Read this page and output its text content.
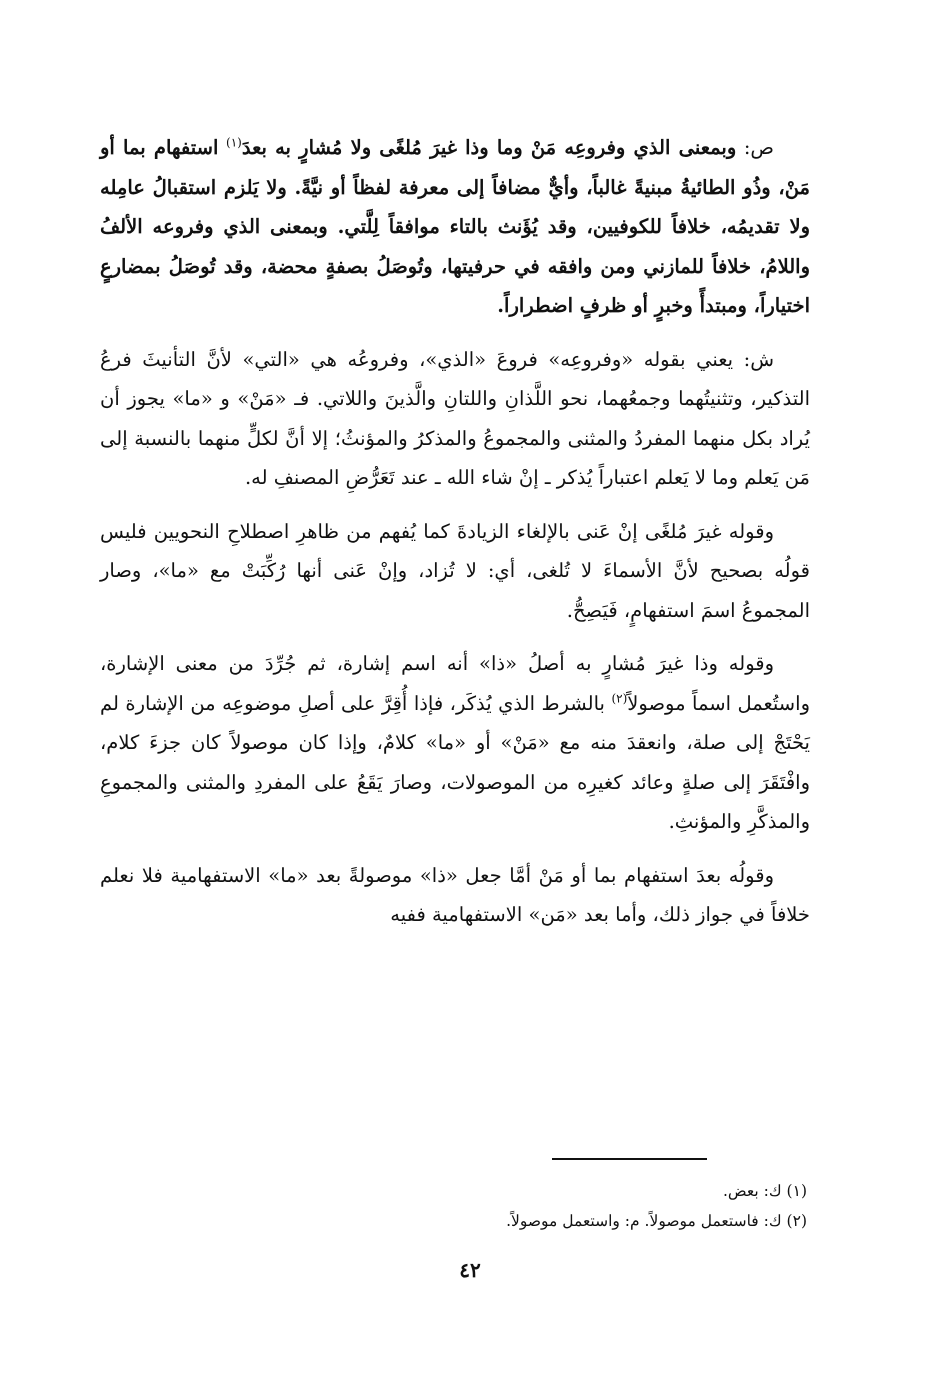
ص: وبمعنى الذي وفروعِه مَنْ وما وذا غيرَ مُلغًى ولا مُشارٍ به بعدَ$^{(١)}$ استفهام بما أو مَنْ، وذُو الطائيةُ مبنيةً غالباً، وأيٌّ مضافاً إلى معرفة لفظاً أو نيَّةً. ولا يَلزم استقبالُ عامِله ولا تقديمُه، خلافاً للكوفيين، وقد يُؤَنث بالتاء موافقاً لِلَّتي. وبمعنى الذي وفروعه الألفُ واللامُ، خلافاً للمازني ومن وافقه في حرفيتها، وتُوصَلُ بصفةٍ محضة، وقد تُوصَلُ بمضارعٍ اختياراً، ومبتدأً وخبرٍ أو ظرفٍ اضطراراً.

ش: يعني بقوله «وفروعِه» فروعَ «الذي»، وفروعُه هي «التي» لأنَّ التأنيثَ فرعُ التذكير، وتثنيتُهما وجمعُهما، نحو اللَّذانِ واللتانِ والَّذينَ واللاتي. فـ «مَنْ» و «ما» يجوز أن يُراد بكل منهما المفردُ والمثنى والمجموعُ والمذكرُ والمؤنثُ؛ إلا أنَّ لكلٍّ منهما بالنسبة إلى مَن يَعلم وما لا يَعلم اعتباراً يُذكر ـ إنْ شاء الله ـ عند تَعَرُّضِ المصنفِ له.

وقوله غيرَ مُلغًى إنْ عَنى بالإلغاء الزيادةَ كما يُفهم من ظاهرِ اصطلاحِ النحويين فليس قولُه بصحيح لأنَّ الأسماءَ لا تُلغى، أي: لا تُزاد، وإنْ عَنى أنها رُكِّبَتْ مع «ما»، وصار المجموعُ اسمَ استفهامٍ، فَيَصِحُّ.

وقوله وذا غيرَ مُشارٍ به أصلُ «ذا» أنه اسم إشارة، ثم جُرِّدَ من معنى الإشارة، واستُعمل اسماً موصولاً$^{(٢)}$ بالشرط الذي يُذكَر، فإذا أُقِرَّ على أصلِ موضوعِه من الإشارة لم يَحْتَجْ إلى صلة، وانعقدَ منه مع «مَنْ» أو «ما» كلامٌ، وإذا كان موصولاً كان جزءَ كلام، وافْتَقَرَ إلى صلةٍ وعائد كغيرِه من الموصولات، وصارَ يَقَعُ على المفردِ والمثنى والمجموعِ والمذكَّرِ والمؤنثِ.

وقولُه بعدَ استفهام بما أو مَنْ أمَّا جعل «ذا» موصولةً بعد «ما» الاستفهامية فلا نعلم خلافاً في جواز ذلك، وأما بعد «مَن» الاستفهامية ففيه

(١) ك: بعض.

(٢) ك: فاستعمل موصولاً. م: واستعمل موصولاً.

٤٢
